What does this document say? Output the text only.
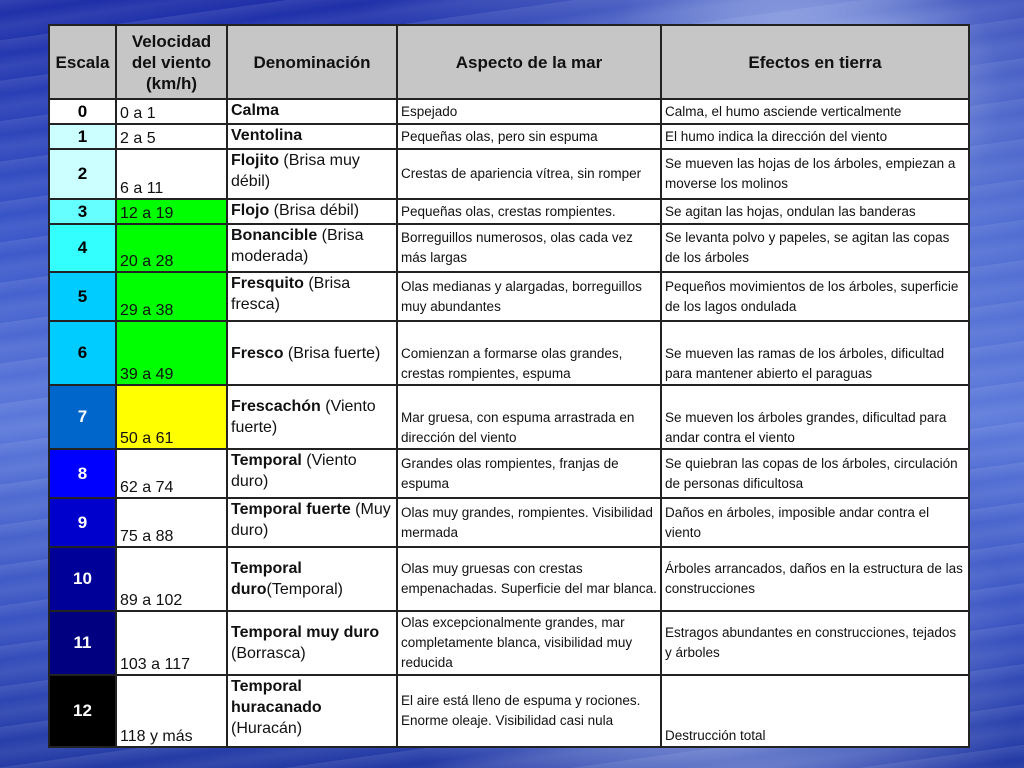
Escala	Velocidad
del viento
(km/h)	Denominación	Aspecto de la mar	Efectos en tierra
0	0 a 1	Calma	Espejado	Calma, el humo asciende verticalmente
1	2 a 5	Ventolina	Pequeñas olas, pero sin espuma	El humo indica la dirección del viento
2	6 a 11	Flojito (Brisa muy débil)	Crestas de apariencia vítrea, sin romper	Se mueven las hojas de los árboles, empiezan a moverse los molinos
3	12 a 19	Flojo (Brisa débil)	Pequeñas olas, crestas rompientes.	Se agitan las hojas, ondulan las banderas
4	20 a 28	Bonancible (Brisa moderada)	Borreguillos numerosos, olas cada vez más largas	Se levanta polvo y papeles, se agitan las copas de los árboles
5	29 a 38	Fresquito (Brisa fresca)	Olas medianas y alargadas, borreguillos muy abundantes	Pequeños movimientos de los árboles, superficie de los lagos ondulada
6	39 a 49	Fresco (Brisa fuerte)	Comienzan a formarse olas grandes, crestas rompientes, espuma	Se mueven las ramas de los árboles, dificultad para mantener abierto el paraguas
7	50 a 61	Frescachón (Viento fuerte)	Mar gruesa, con espuma arrastrada en dirección del viento	Se mueven los árboles grandes, dificultad para andar contra el viento
8	62 a 74	Temporal (Viento duro)	Grandes olas rompientes, franjas de espuma	Se quiebran las copas de los árboles, circulación de personas dificultosa
9	75 a 88	Temporal fuerte (Muy duro)	Olas muy grandes, rompientes. Visibilidad mermada	Daños en árboles, imposible andar contra el viento
10	89 a 102	Temporal duro(Temporal)	Olas muy gruesas con crestas empenachadas. Superficie del mar blanca.	Árboles arrancados, daños en la estructura de las construcciones
11	103 a 117	Temporal muy duro (Borrasca)	Olas excepcionalmente grandes, mar completamente blanca, visibilidad muy reducida	Estragos abundantes en construcciones, tejados y árboles
12	118 y más	Temporal huracanado (Huracán)	El aire está lleno de espuma y rociones. Enorme oleaje. Visibilidad casi nula	Destrucción total
